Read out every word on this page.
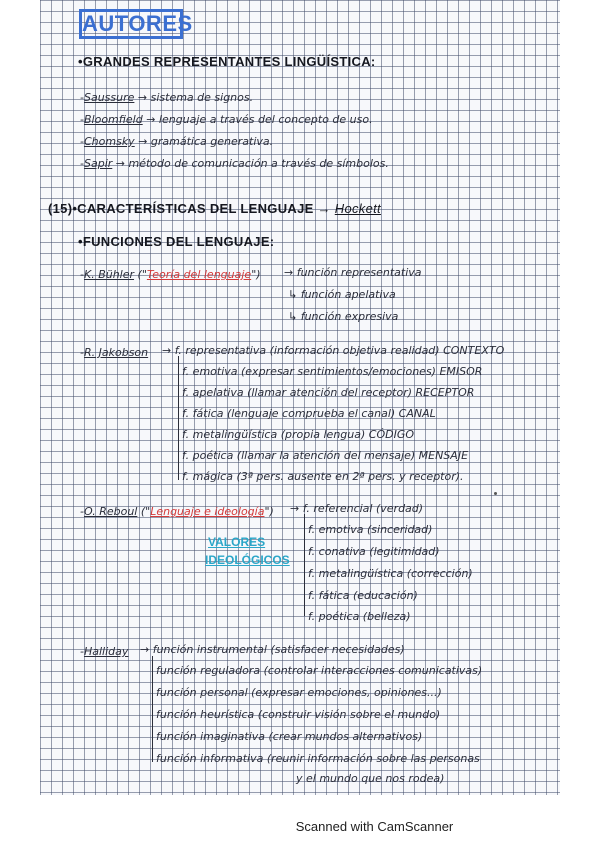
AUTORES
•GRANDES REPRESENTANTES LINGÜÍSTICA:
-Saussure → sistema de signos.
-Bloomfield → lenguaje a través del concepto de uso.
-Chomsky → gramática generativa.
-Sapir → método de comunicación a través de símbolos.
(15)•CARACTERÍSTICAS DEL LENGUAJE → Hockett
•FUNCIONES DEL LENGUAJE:
-K. Bühler ("Teoría del lenguaje") → función representativa
↳ función apelativa
↳ función expresiva
-R. Jakobson → f. representativa (información objetiva realidad) CONTEXTO
f. emotiva (expresar sentimientos/emociones) EMISOR
f. apelativa (llamar atención del receptor) RECEPTOR
f. fática (lenguaje comprueba el canal) CANAL
f. metalingüística (propia lengua) CÓDIGO
f. poética (llamar la atención del mensaje) MENSAJE
f. mágica (3ª pers. ausente en 2ª pers. y receptor).
-O. Reboul ("Lenguaje e ideología")
VALORES
IDEOLÓGICOS
→ f. referencial (verdad)
f. emotiva (sinceridad)
f. conativa (legitimidad)
f. metalingüística (corrección)
f. fática (educación)
f. poética (belleza)
-Halliday → función instrumental (satisfacer necesidades)
función reguladora (controlar interacciones comunicativas)
función personal (expresar emociones, opiniones...)
función heurística (construir visión sobre el mundo)
función imaginativa (crear mundos alternativos)
función informativa (reunir información sobre las personas
y el mundo que nos rodea)
Scanned with CamScanner
